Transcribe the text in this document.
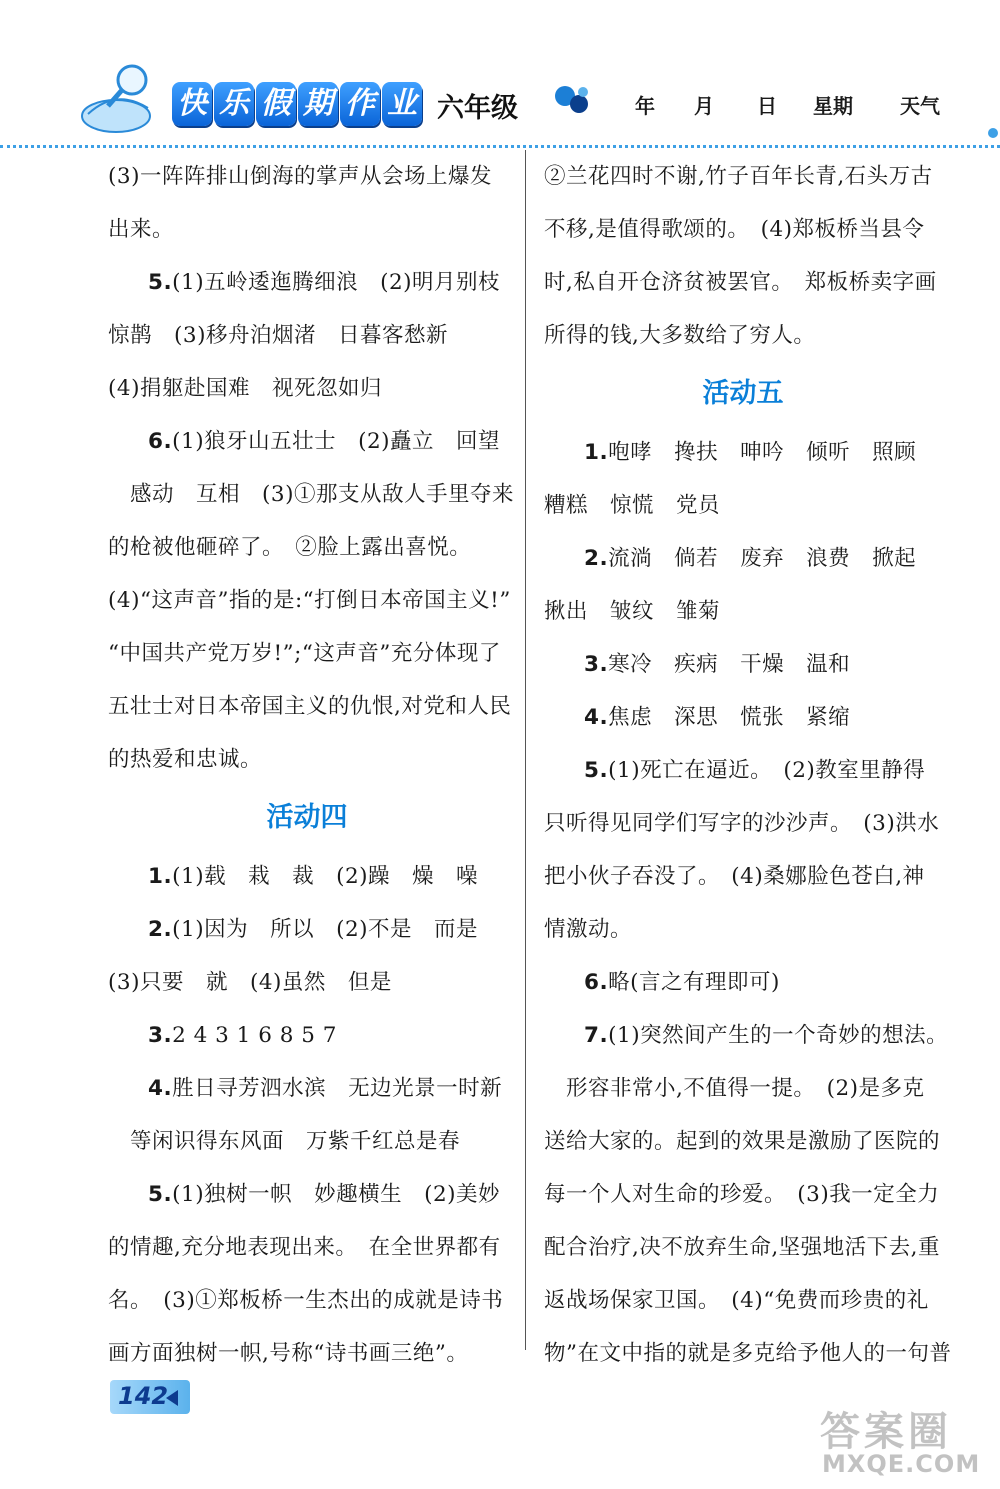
快 乐 假 期 作 业 六年级	年 月 日 星期 天气
(3)一阵阵排山倒海的掌声从会场上爆发
出来。
5.(1)五岭逶迤腾细浪　(2)明月别枝
惊鹊　(3)移舟泊烟渚　日暮客愁新
(4)捐躯赴国难　视死忽如归
6.(1)狼牙山五壮士　(2)矗立　回望
感动　互相　(3)①那支从敌人手里夺来
的枪被他砸碎了。　②脸上露出喜悦。
(4)“这声音”指的是:“打倒日本帝国主义!”
“中国共产党万岁!”;“这声音”充分体现了
五壮士对日本帝国主义的仇恨,对党和人民
的热爱和忠诚。
活动四
1.(1)载　栽　裁　(2)躁　燥　噪
2.(1)因为　所以　(2)不是　而是
(3)只要　就　(4)虽然　但是
3.2 4 3 1 6 8 5 7
4.胜日寻芳泗水滨　无边光景一时新
等闲识得东风面　万紫千红总是春
5.(1)独树一帜　妙趣横生　(2)美妙
的情趣,充分地表现出来。　在全世界都有
名。　(3)①郑板桥一生杰出的成就是诗书
画方面独树一帜,号称“诗书画三绝”。
②兰花四时不谢,竹子百年长青,石头万古
不移,是值得歌颂的。　(4)郑板桥当县令
时,私自开仓济贫被罢官。　郑板桥卖字画
所得的钱,大多数给了穷人。
活动五
1.咆哮　搀扶　呻吟　倾听　照顾
糟糕　惊慌　党员
2.流淌　倘若　废弃　浪费　掀起
揪出　皱纹　雏菊
3.寒冷　疾病　干燥　温和
4.焦虑　深思　慌张　紧缩
5.(1)死亡在逼近。　(2)教室里静得
只听得见同学们写字的沙沙声。　(3)洪水
把小伙子吞没了。　(4)桑娜脸色苍白,神
情激动。
6.略(言之有理即可)
7.(1)突然间产生的一个奇妙的想法。
形容非常小,不值得一提。　(2)是多克
送给大家的。起到的效果是激励了医院的
每一个人对生命的珍爱。　(3)我一定全力
配合治疗,决不放弃生命,坚强地活下去,重
返战场保家卫国。　(4)“免费而珍贵的礼
物”在文中指的就是多克给予他人的一句普
142
答案圈
MXQE.COM
